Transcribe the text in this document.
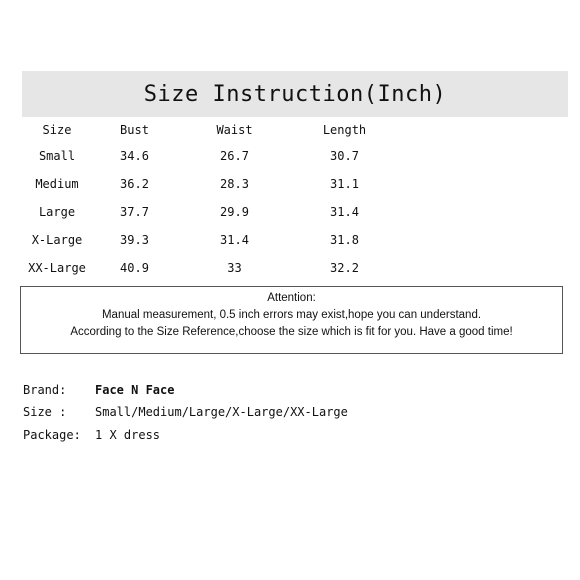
Size Instruction(Inch)
Size	Bust	Waist	Length
Small	34.6	26.7	30.7
Medium	36.2	28.3	31.1
Large	37.7	29.9	31.4
X-Large	39.3	31.4	31.8
XX-Large	40.9	33	32.2
Attention:
Manual measurement, 0.5 inch errors may exist,hope you can understand.
According to the Size Reference,choose the size which is fit for you. Have a good time!
Brand: Face N Face
Size : Small/Medium/Large/X-Large/XX-Large
Package: 1 X dress
